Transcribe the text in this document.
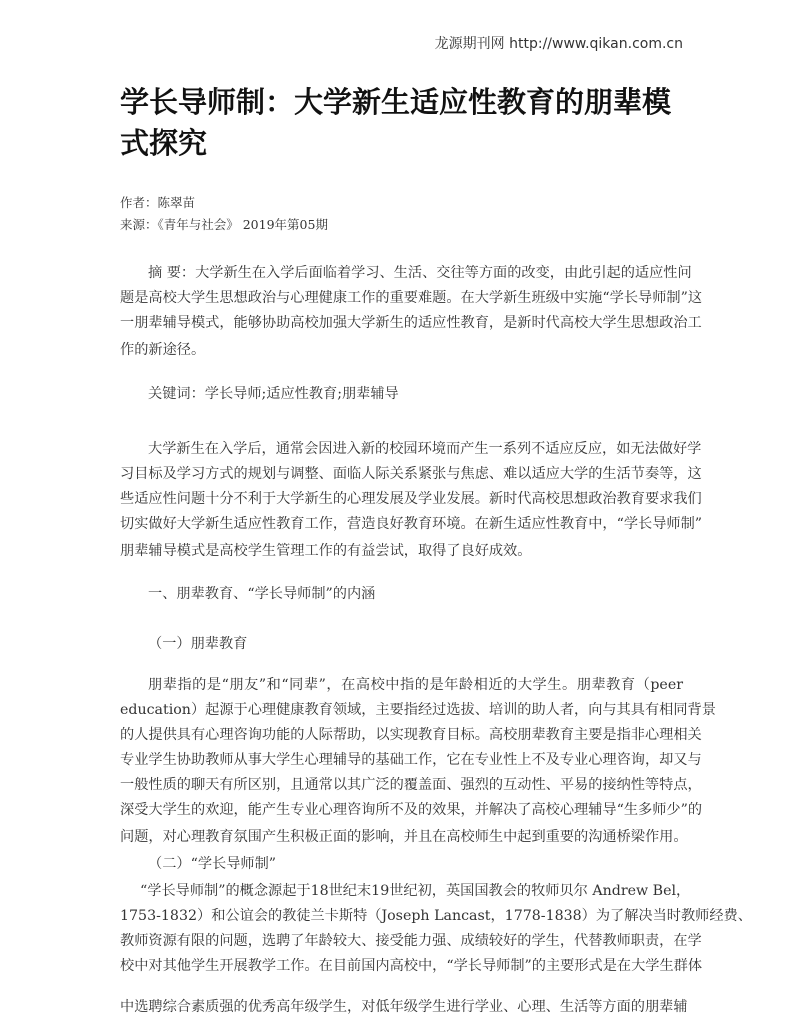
龙源期刊网 http://www.qikan.com.cn
学长导师制：大学新生适应性教育的朋辈模式探究
作者：陈翠苗
来源：《青年与社会》 2019年第05期
摘 要：大学新生在入学后面临着学习、生活、交往等方面的改变，由此引起的适应性问
题是高校大学生思想政治与心理健康工作的重要难题。在大学新生班级中实施“学长导师制”这
一朋辈辅导模式，能够协助高校加强大学新生的适应性教育，是新时代高校大学生思想政治工
作的新途径。
关键词：学长导师;适应性教育;朋辈辅导
大学新生在入学后，通常会因进入新的校园环境而产生一系列不适应反应，如无法做好学
习目标及学习方式的规划与调整、面临人际关系紧张与焦虑、难以适应大学的生活节奏等，这
些适应性问题十分不利于大学新生的心理发展及学业发展。新时代高校思想政治教育要求我们
切实做好大学新生适应性教育工作，营造良好教育环境。在新生适应性教育中，“学长导师制”
朋辈辅导模式是高校学生管理工作的有益尝试，取得了良好成效。
一、朋辈教育、“学长导师制”的内涵
（一）朋辈教育
朋辈指的是“朋友”和“同辈”，在高校中指的是年龄相近的大学生。朋辈教育（peer
education）起源于心理健康教育领域，主要指经过选拔、培训的助人者，向与其具有相同背景
的人提供具有心理咨询功能的人际帮助，以实现教育目标。高校朋辈教育主要是指非心理相关
专业学生协助教师从事大学生心理辅导的基础工作，它在专业性上不及专业心理咨询，却又与
一般性质的聊天有所区别，且通常以其广泛的覆盖面、强烈的互动性、平易的接纳性等特点，
深受大学生的欢迎，能产生专业心理咨询所不及的效果，并解决了高校心理辅导“生多师少”的
问题，对心理教育氛围产生积极正面的影响，并且在高校师生中起到重要的沟通桥梁作用。
（二）“学长导师制”
“学长导师制”的概念源起于18世纪末19世纪初，英国国教会的牧师贝尔 Andrew Bel，
1753-1832）和公谊会的教徒兰卡斯特（Joseph Lancast，1778-1838）为了解决当时教师经费、
教师资源有限的问题，选聘了年龄较大、接受能力强、成绩较好的学生，代替教师职责，在学
校中对其他学生开展教学工作。在目前国内高校中，“学长导师制”的主要形式是在大学生群体
中选聘综合素质强的优秀高年级学生，对低年级学生进行学业、心理、生活等方面的朋辈辅
